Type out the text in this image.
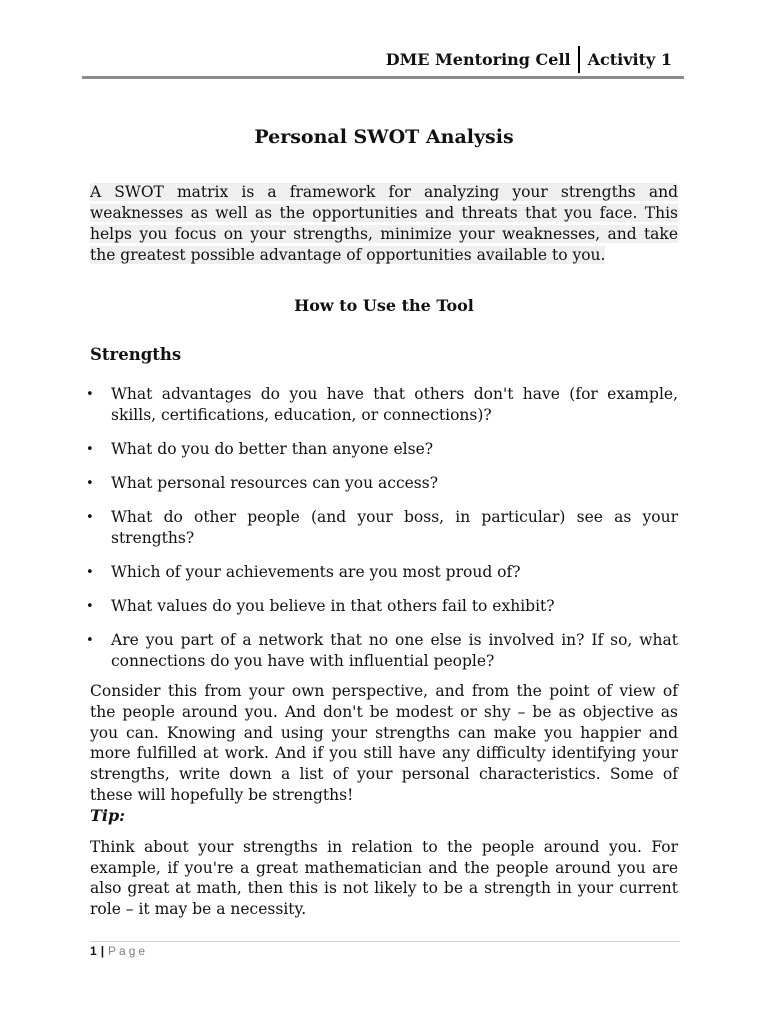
DME Mentoring Cell	Activity 1
Personal SWOT Analysis

A SWOT matrix is a framework for analyzing your strengths and weaknesses as well as the opportunities and threats that you face. This helps you focus on your strengths, minimize your weaknesses, and take the greatest possible advantage of opportunities available to you.

How to Use the Tool
Strengths
• What advantages do you have that others don't have (for example, skills, certifications, education, or connections)?
• What do you do better than anyone else?
• What personal resources can you access?
• What do other people (and your boss, in particular) see as your strengths?
• Which of your achievements are you most proud of?
• What values do you believe in that others fail to exhibit?
• Are you part of a network that no one else is involved in? If so, what connections do you have with influential people?

Consider this from your own perspective, and from the point of view of the people around you. And don't be modest or shy – be as objective as you can. Knowing and using your strengths can make you happier and more fulfilled at work. And if you still have any difficulty identifying your strengths, write down a list of your personal characteristics. Some of these will hopefully be strengths!

Tip:

Think about your strengths in relation to the people around you. For example, if you're a great mathematician and the people around you are also great at math, then this is not likely to be a strength in your current role – it may be a necessity.

1 | Page
